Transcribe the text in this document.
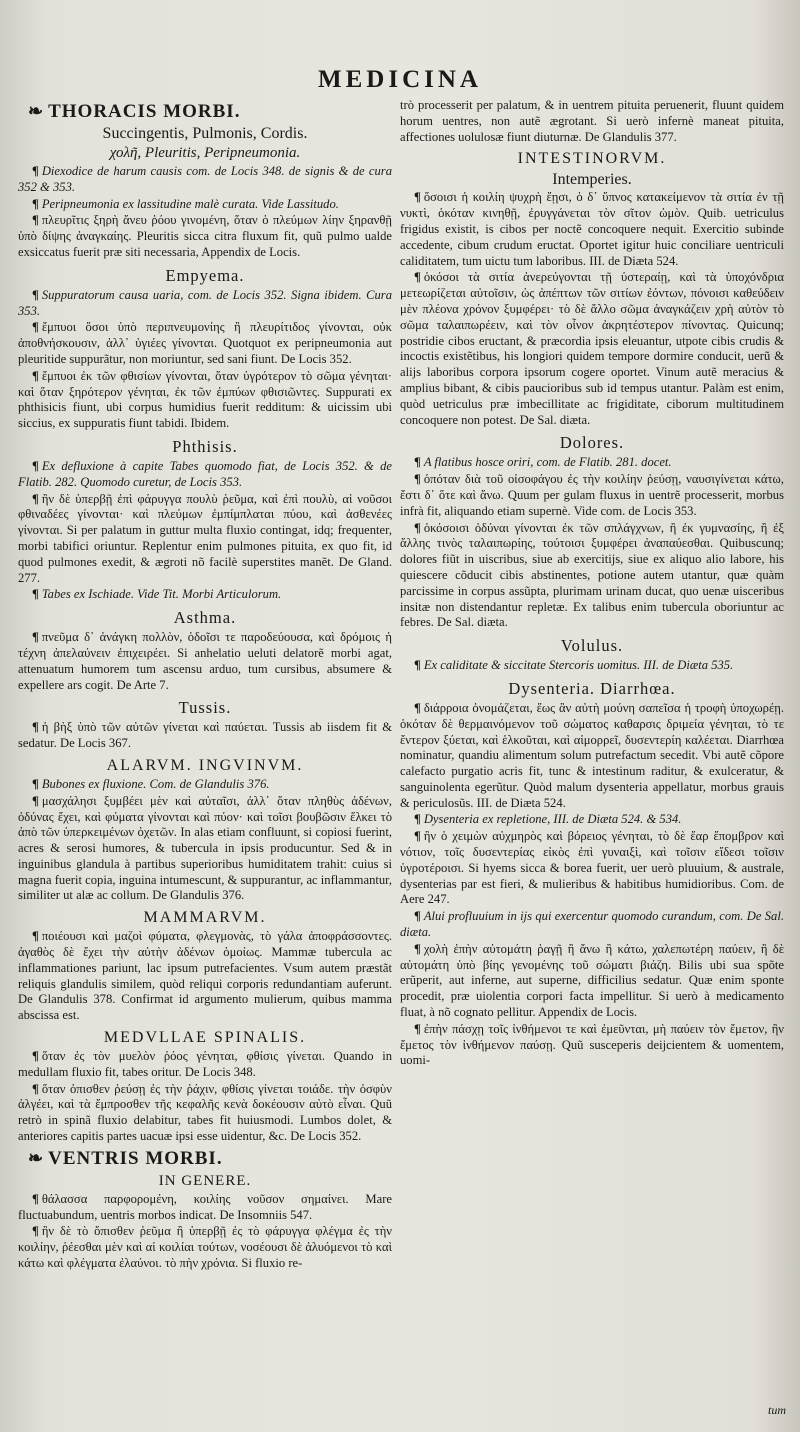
MEDICINA
❧ THORACIS MORBI.
Succingentis, Pulmonis, Cordis.
χολῆ, Pleuritis, Peripneumonia.

¶ Diexodice de harum causis com. de Locis 348. de signis & de cura 352 & 353.

¶ Peripneumonia ex lassitudine malè curata. Vide Lassitudo.

¶ πλευρῖτις ξηρὴ ἄνευ ῥόου γινομένη, ὅταν ὁ πλεύμων λίην ξηρανθῇ ὑπὸ δίψης ἀναγκαίης. Pleuritis sicca citra fluxum fit, quũ pulmo ualde exsiccatus fuerit præ siti necessaria, Appendix de Locis.

Empyema.

¶ Suppuratorum causa uaria, com. de Locis 352. Signa ibidem. Cura 353.

¶ ἔμπυοι ὅσοι ὑπὸ περιπνευμονίης ἢ πλευρίτιδος γίνονται, οὐκ ἀποθνήσκουσιν, ἀλλ᾽ ὑγιέες γίνονται. Quotquot ex peripneumonia aut pleuritide suppurãtur, non moriuntur, sed sani fiunt. De Locis 352.

¶ ἔμπυοι ἐκ τῶν φθισίων γίνονται, ὅταν ὑγρότερον τὸ σῶμα γένηται· καὶ ὅταν ξηρότερον γένηται, ἐκ τῶν ἐμπύων φθισιῶντες. Suppurati ex phthisicis fiunt, ubi corpus humidius fuerit redditum: & uicissim ubi siccius, ex suppuratis fiunt tabidi. Ibidem.

Phthisis.

¶ Ex defluxione à capite Tabes quomodo fiat, de Locis 352. & de Flatib. 282. Quomodo curetur, de Locis 353.

¶ ἢν δὲ ὑπερβῇ ἐπὶ φάρυγγα πουλὺ ῥεῦμα, καὶ ἐπὶ πουλὺ, αἱ νοῦσοι φθιναδέες γίνονται· καὶ πλεύμων ἐμπίμπλαται πύου, καὶ ἀσθενέες γίνονται. Si per palatum in guttur multa fluxio contingat, idq; frequenter, morbi tabifici oriuntur. Replentur enim pulmones pituita, ex quo fit, id quod pulmones exedit, & ægroti nõ facilè superstites manẽt. De Gland. 277.

¶ Tabes ex Ischiade. Vide Tit. Morbi Articulorum.

Asthma.

¶ πνεῦμα δ᾽ ἀνάγκη πολλὸν, ὁδοῖσι τε παροδεύουσα, καὶ δρόμοις ἡ τέχνη ἀπελαύνειν ἐπιχειρέει. Si anhelatio ueluti delatorẽ morbi agat, attenuatum humorem tum ascensu arduo, tum cursibus, absumere & expellere ars cogit. De Arte 7.

Tussis.

¶ ἡ βὴξ ὑπὸ τῶν αὐτῶν γίνεται καὶ παύεται. Tussis ab iisdem fit & sedatur. De Locis 367.

ALARVM. INGVINVM.

¶ Bubones ex fluxione. Com. de Glandulis 376.

¶ μασχάλησι ξυμβέει μὲν καὶ αὐταῖσι, ἀλλ᾽ ὅταν πληθὺς ἀδένων, ὀδύνας ἔχει, καὶ φύματα γίνονται καὶ πύον· καὶ τοῖσι βουβῶσιν ἕλκει τὸ ἀπὸ τῶν ὑπερκειμένων ὀχετῶν. In alas etiam confluunt, si copiosi fuerint, acres & serosi humores, & tubercula in ipsis producuntur. Sed & in inguinibus glandula à partibus superioribus humiditatem trahit: cuius si magna fuerit copia, inguina intumescunt, & suppurantur, ac inflammantur, similiter ut alæ ac collum. De Glandulis 376.

MAMMARVM.

¶ ποιέουσι καὶ μαζοὶ φύματα, φλεγμονὰς, τὸ γάλα ἀποφράσσοντες. ἀγαθὸς δὲ ἔχει τὴν αὐτὴν ἀδένων ὁμοίως. Mammæ tubercula ac inflammationes pariunt, lac ipsum putrefacientes. Vsum autem præstãt reliquis glandulis similem, quòd reliqui corporis redundantiam auferunt. De Glandulis 378. Confirmat id argumento mulierum, quibus mamma abscissa est.

MEDVLLAE SPINALIS.

¶ ὅταν ἐς τὸν μυελὸν ῥόος γένηται, φθίσις γίνεται. Quando in medullam fluxio fit, tabes oritur. De Locis 348.

¶ ὅταν ὀπισθεν ῥεύσῃ ἐς τὴν ῥάχιν, φθίσις γίνεται τοιάδε. τὴν ὀσφὺν ἀλγέει, καὶ τὰ ἔμπροσθεν τῆς κεφαλῆς κενὰ δοκέουσιν αὐτὸ εἶναι. Quũ retrò in spinã fluxio delabitur, tabes fit huiusmodi. Lumbos dolet, & anteriores capitis partes uacuæ ipsi esse uidentur, &c. De Locis 352.

❧ VENTRIS MORBI.
IN GENERE.

¶ θάλασσα παρφορομένη, κοιλίης νοῦσον σημαίνει. Mare fluctuabundum, uentris morbos indicat. De Insomniis 547.

¶ ἢν δὲ τὸ ὄπισθεν ῥεῦμα ἢ ὑπερβῇ ἐς τὸ φάρυγγα φλέγμα ἐς τὴν κοιλίην, ῥέεσθαι μὲν καὶ αἱ κοιλίαι τούτων, νοσέουσι δὲ ἀλυόμενοι τὸ καὶ κάτω καὶ φλέγματα ἐλαύνοι. τὸ πὴν χρόνια. Si fluxio re-

trò processerit per palatum, & in uentrem pituita peruenerit, fluunt quidem horum uentres, non autẽ ægrotant. Si uerò infernè maneat pituita, affectiones uolulosæ fiunt diuturnæ. De Glandulis 377.

INTESTINORVM.
Intemperies.

¶ ὅσοισι ἡ κοιλίη ψυχρὴ ἔῃσι, ὁ δ᾽ ὕπνος κατακείμενον τὰ σιτία ἐν τῇ νυκτὶ, ὁκόταν κινηθῇ, ἐρυγγάνεται τὸν σῖτον ὠμὸν. Quib. uetriculus frigidus existit, is cibos per noctẽ concoquere nequit. Exercitio subinde accedente, cibum crudum eructat. Oportet igitur huic conciliare uentriculi caliditatem, tum uictu tum laboribus. III. de Diæta 524.

¶ ὁκόσοι τὰ σιτία ἀνερεύγονται τῇ ὑστεραίῃ, καὶ τὰ ὑποχόνδρια μετεωρίζεται αὐτοῖσιν, ὡς ἀπέπτων τῶν σιτίων ἐόντων, πόνοισι καθεύδειν μὲν πλέονα χρόνον ξυμφέρει· τὸ δὲ ἄλλο σῶμα ἀναγκάζειν χρὴ αὐτὸν τὸ σῶμα ταλαιπωρέειν, καὶ τὸν οἶνον ἀκρητέστερον πίνοντας. Quicunq; postridie cibos eructant, & præcordia ipsis eleuantur, utpote cibis crudis & incoctis existẽtibus, his longiori quidem tempore dormire conducit, uerũ & alijs laboribus corpora ipsorum cogere oportet. Vinum autẽ meracius & amplius bibant, & cibis paucioribus sub id tempus utantur. Palàm est enim, quòd uetriculus præ imbecillitate ac frigiditate, ciborum multitudinem concoquere non potest. De Sal. diæta.

Dolores.

¶ A flatibus hosce oriri, com. de Flatib. 281. docet.

¶ ὁπόταν διὰ τοῦ οἰσοφάγου ἐς τὴν κοιλίην ῥεύσῃ, ναυσιγίνεται κάτω, ἔστι δ᾽ ὅτε καὶ ἄνω. Quum per gulam fluxus in uentrẽ processerit, morbus infrà fit, aliquando etiam supernè. Vide com. de Locis 353.

¶ ὁκόσοισι ὀδύναι γίνονται ἐκ τῶν σπλάγχνων, ἢ ἐκ γυμνασίης, ἢ ἐξ ἄλλης τινὸς ταλαιπωρίης, τούτοισι ξυμφέρει ἀναπαύεσθαι. Quibuscunq; dolores fiũt in uiscribus, siue ab exercitijs, siue ex aliquo alio labore, his quiescere cõducit cibis abstinentes, potione autem utantur, quæ quàm parcissime in corpus assũpta, plurimam urinam ducat, quo uenæ uisceribus insitæ non distendantur repletæ. Ex talibus enim tubercula oboriuntur ac febres. De Sal. diæta.

Volulus.

¶ Ex caliditate & siccitate Stercoris uomitus. III. de Diæta 535.

Dysenteria. Diarrhœa.

¶ διάρροια ὀνομάζεται, ἕως ἂν αὐτὴ μούνη σαπεῖσα ἡ τροφὴ ὑποχωρέῃ. ὁκόταν δὲ θερμαινόμενον τοῦ σώματος καθαρσις δριμεία γένηται, τὸ τε ἔντερον ξύεται, καὶ ἑλκοῦται, καὶ αἱμορρεῖ, δυσεντερίη καλέεται. Diarrhœa nominatur, quandiu alimentum solum putrefactum secedit. Vbi autẽ cõpore calefacto purgatio acris fit, tunc & intestinum raditur, & exulceratur, & sanguinolenta egerũtur. Quòd malum dysenteria appellatur, morbus grauis & periculosũs. III. de Diæta 524.

¶ Dysenteria ex repletione, III. de Diæta 524. & 534.

¶ ἢν ὁ χειμὼν αὐχμηρὸς καὶ βόρειος γένηται, τὸ δὲ ἔαρ ἔπομβρον καὶ νότιον, τοῖς δυσεντερίας εἰκὸς ἐπὶ γυναιξὶ, καὶ τοῖσιν εἴδεσι τοῖσιν ὑγροτέροισι. Si hyems sicca & borea fuerit, uer uerò pluuium, & australe, dysenterias par est fieri, & mulieribus & habitibus humidioribus. Com. de Aere 247.

¶ Alui profluuium in ijs qui exercentur quomodo curandum, com. De Sal. diæta.

¶ χολὴ ἐπὴν αὐτομάτη ῥαγῇ ἢ ἄνω ἢ κάτω, χαλεπωτέρη παύειν, ἢ δὲ αὐτομάτη ὑπὸ βίης γενομένης τοῦ σώματι βιάζη. Bilis ubi sua spõte erũperit, aut inferne, aut superne, difficilius sedatur. Quæ enim sponte procedit, præ uiolentia corpori facta impellitur. Si uerò à medicamento fluat, à nõ cognato pellitur. Appendix de Locis.

¶ ἐπὴν πάσχῃ τοῖς ἰνθήμενοι τε καὶ ἐμεῦνται, μὴ παύειν τὸν ἔμετον, ἢν ἔμετος τὸν ἰνθήμενον παύσῃ. Quũ susceperis deijcientem & uomentem, uomi-

tum
